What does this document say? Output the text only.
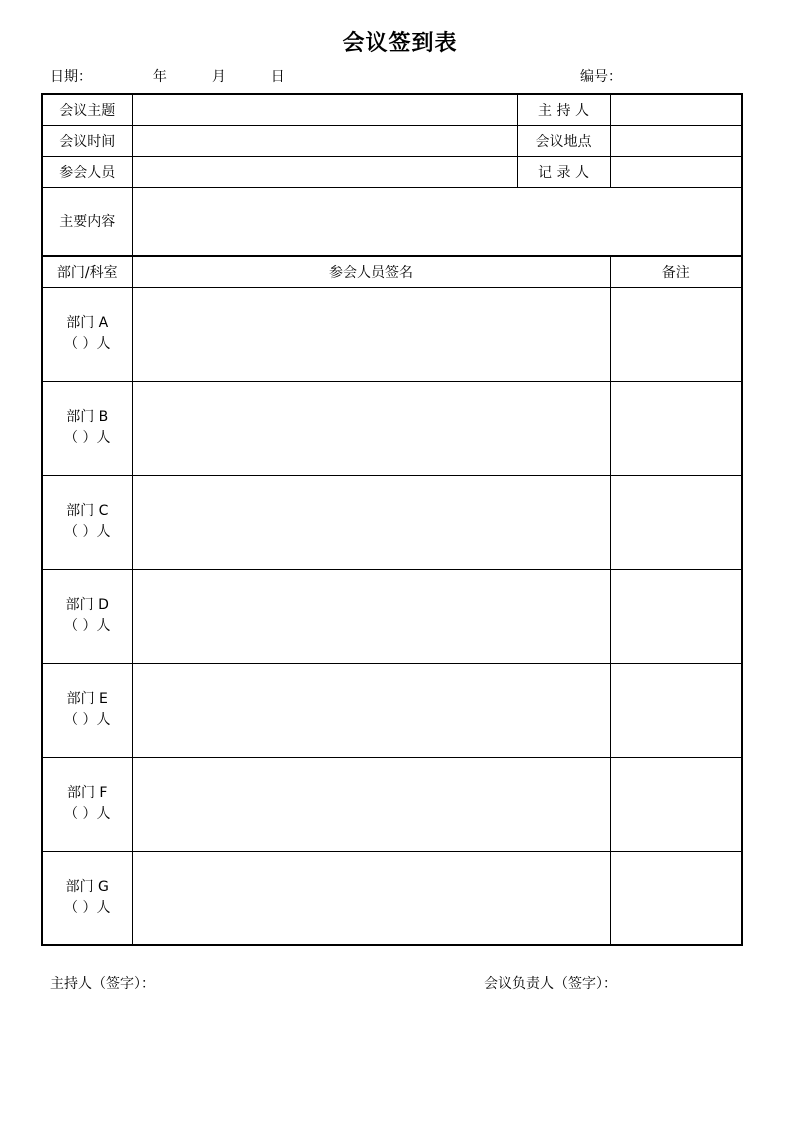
会议签到表
日期：	年	月	日	编号：
会议主题		主 持 人	
会议时间		会议地点	
参会人员		记 录 人	
主要内容			
部门/科室	参会人员签名		备注

部门 A
（ ）人			

部门 B
（ ）人			

部门 C
（ ）人			

部门 D
（ ）人			

部门 E
（ ）人			

部门 F
（ ）人			

部门 G
（ ）人			

主持人（签字）：	会议负责人（签字）：
